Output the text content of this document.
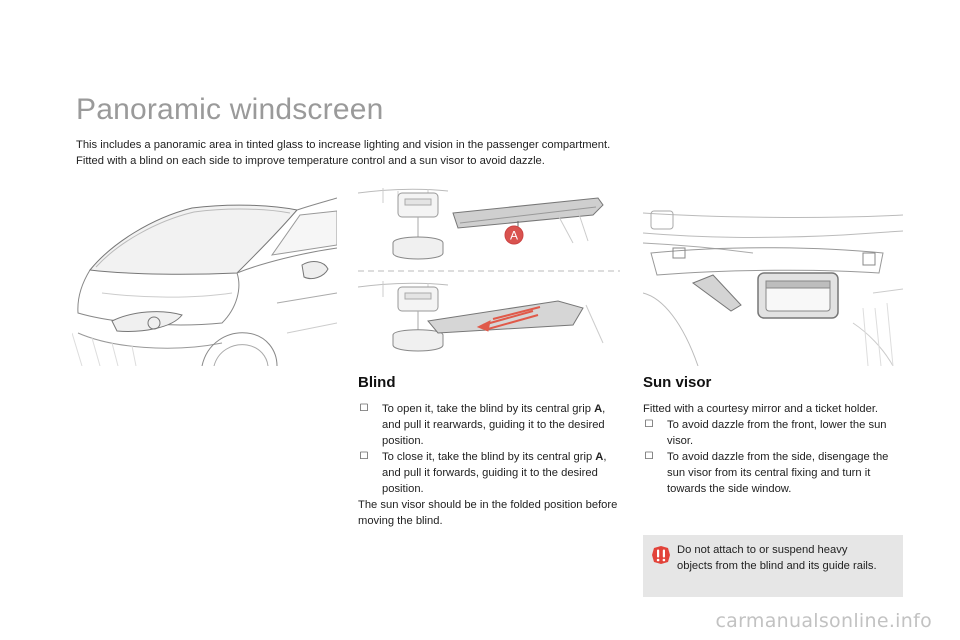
Panoramic windscreen

This includes a panoramic area in tinted glass to increase lighting and vision in the passenger compartment.

Fitted with a blind on each side to improve temperature control and a sun visor to avoid dazzle.

A
Blind
☐ To open it, take the blind by its central grip A, and pull it rearwards, guiding it to the desired position.
☐ To close it, take the blind by its central grip A, and pull it forwards, guiding it to the desired position.

The sun visor should be in the folded position before moving the blind.

Sun visor

Fitted with a courtesy mirror and a ticket holder.

☐ To avoid dazzle from the front, lower the sun visor.
☐ To avoid dazzle from the side, disengage the sun visor from its central fixing and turn it towards the side window.
Do not attach to or suspend heavy objects from the blind and its guide rails.
carmanualsonline.info
